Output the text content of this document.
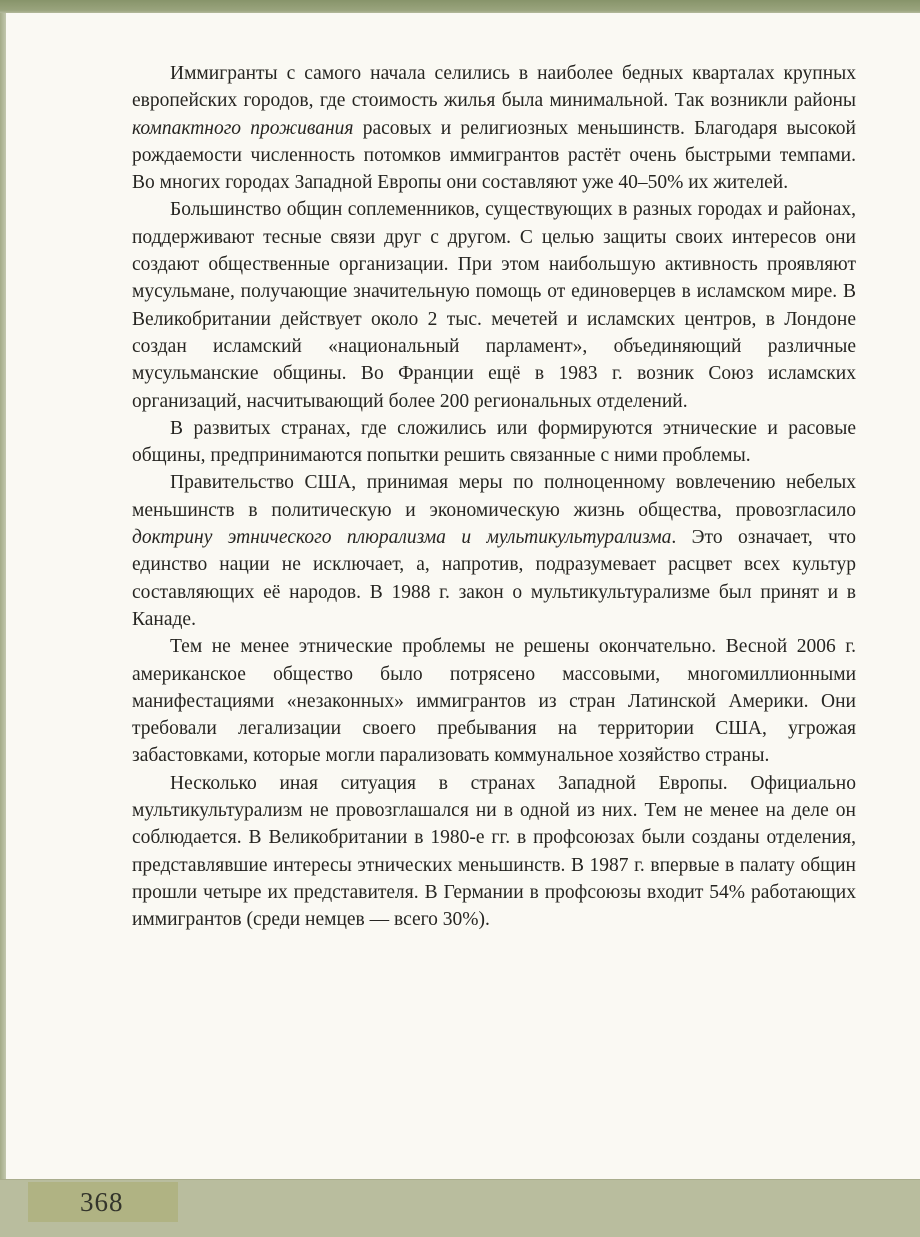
Иммигранты с самого начала селились в наиболее бедных кварталах крупных европейских городов, где стоимость жилья была минимальной. Так возникли районы компактного проживания расовых и религиозных меньшинств. Благодаря высокой рождаемости численность потомков иммигрантов растёт очень быстрыми темпами. Во многих городах Западной Европы они составляют уже 40–50% их жителей.

Большинство общин соплеменников, существующих в разных городах и районах, поддерживают тесные связи друг с другом. С целью защиты своих интересов они создают общественные организации. При этом наибольшую активность проявляют мусульмане, получающие значительную помощь от единоверцев в исламском мире. В Великобритании действует около 2 тыс. мечетей и исламских центров, в Лондоне создан исламский «национальный парламент», объединяющий различные мусульманские общины. Во Франции ещё в 1983 г. возник Союз исламских организаций, насчитывающий более 200 региональных отделений.

В развитых странах, где сложились или формируются этнические и расовые общины, предпринимаются попытки решить связанные с ними проблемы.

Правительство США, принимая меры по полноценному вовлечению небелых меньшинств в политическую и экономическую жизнь общества, провозгласило доктрину этнического плюрализма и мультикультурализма. Это означает, что единство нации не исключает, а, напротив, подразумевает расцвет всех культур составляющих её народов. В 1988 г. закон о мультикультурализме был принят и в Канаде.

Тем не менее этнические проблемы не решены окончательно. Весной 2006 г. американское общество было потрясено массовыми, многомиллионными манифестациями «незаконных» иммигрантов из стран Латинской Америки. Они требовали легализации своего пребывания на территории США, угрожая забастовками, которые могли парализовать коммунальное хозяйство страны.

Несколько иная ситуация в странах Западной Европы. Официально мультикультурализм не провозглашался ни в одной из них. Тем не менее на деле он соблюдается. В Великобритании в 1980-е гг. в профсоюзах были созданы отделения, представлявшие интересы этнических меньшинств. В 1987 г. впервые в палату общин прошли четыре их представителя. В Германии в профсоюзы входит 54% работающих иммигрантов (среди немцев — всего 30%).

368
